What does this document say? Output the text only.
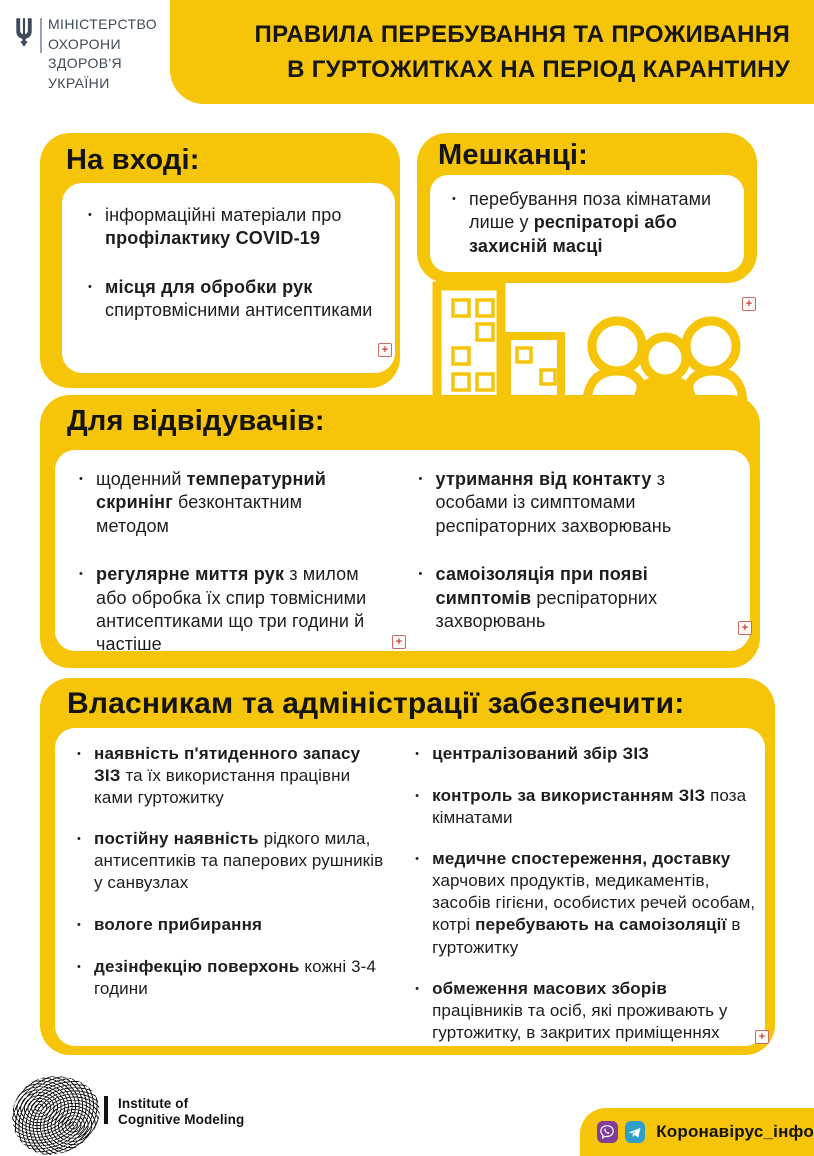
ПРАВИЛА ПЕРЕБУВАННЯ ТА ПРОЖИВАННЯ
В ГУРТОЖИТКАХ НА ПЕРІОД КАРАНТИНУ
МІНІСТЕРСТВО
ОХОРОНИ
ЗДОРОВ'Я
УКРАЇНИ
На вході:
• інформаційні матеріали про профілактику COVID-19
• місця для обробки рук спиртовмісними антисептиками
Мешканці:
• перебування поза кімнатами лише у респіраторі або захисній масці
Для відвідувачів:
• щоденний температурний скринінг безконтактним методом
• регулярне миття рук з милом або обробка їх спир товмісними антисептиками що три години й частіше
• утримання від контакту з особами із симптомами респіраторних захворювань
• самоізоляція при появі симптомів респіраторних захворювань
Власникам та адміністрації забезпечити:
• наявність п'ятиденного запасу ЗІЗ та їх використання працівни ками гуртожитку
• постійну наявність рідкого мила, антисептиків та паперових рушників у санвузлах
• вологе прибирання
• дезінфекцію поверхонь кожні 3-4 години
• централізований збір ЗІЗ
• контроль за використанням ЗІЗ поза кімнатами
• медичне спостереження, доставку харчових продуктів, медикаментів, засобів гігієни, особистих речей особам, котрі перебувають на самоізоляції в гуртожитку
• обмеження масових зборів працівників та осіб, які проживають у гуртожитку, в закритих приміщеннях
+
+
+
+
+
Institute of
Cognitive Modeling
Коронавірус_інфо
